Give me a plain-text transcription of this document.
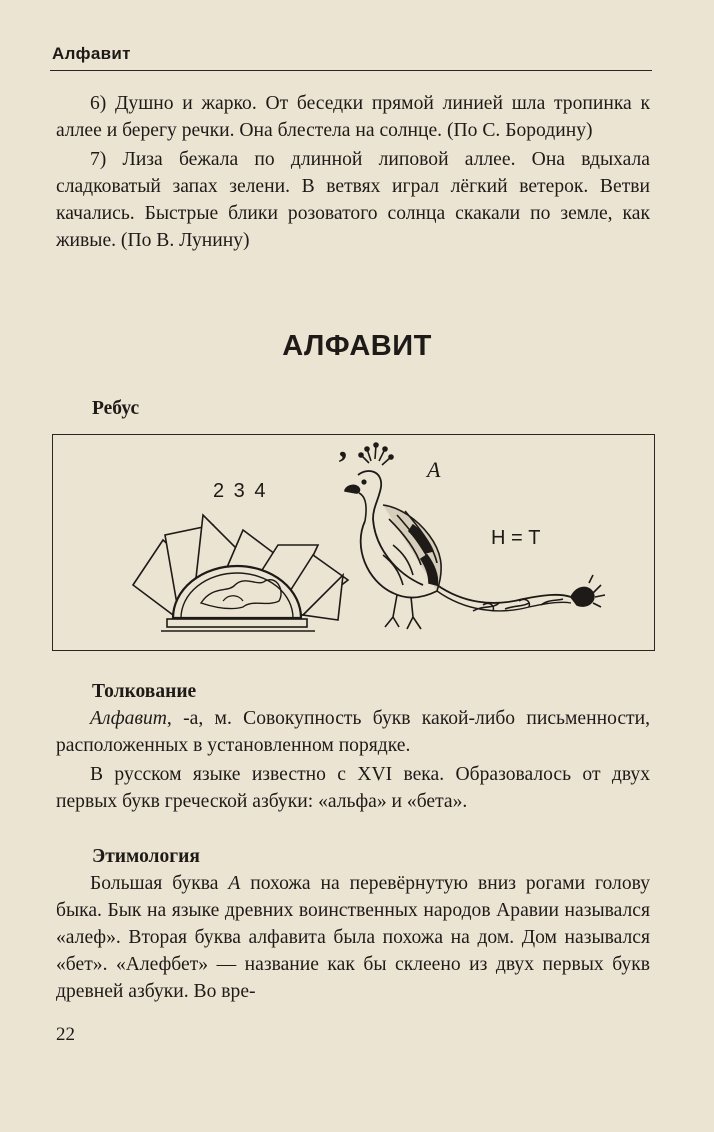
Алфавит

6) Душно и жарко. От беседки прямой линией шла тропинка к аллее и берегу речки. Она блестела на солнце. (По С. Бородину)

7) Лиза бежала по длинной липовой аллее. Она вдыхала сладковатый запах зелени. В ветвях играл лёгкий ветерок. Ветви качались. Быстрые блики розоватого солнца скакали по земле, как живые. (По В. Лунину)

АЛФАВИТ
Ребус
’
2 3 4
А
Н = Т
Толкование

Алфавит, -а, м. Совокупность букв какой-либо письменности, расположенных в установленном порядке.

В русском языке известно с XVI века. Образовалось от двух первых букв греческой азбуки: «альфа» и «бета».

Этимология

Большая буква А похожа на перевёрнутую вниз рогами голову быка. Бык на языке древних воинственных народов Аравии назывался «алеф». Вторая буква алфавита была похожа на дом. Дом назывался «бет». «Алефбет» — название как бы склеено из двух первых букв древней азбуки. Во вре-

22
